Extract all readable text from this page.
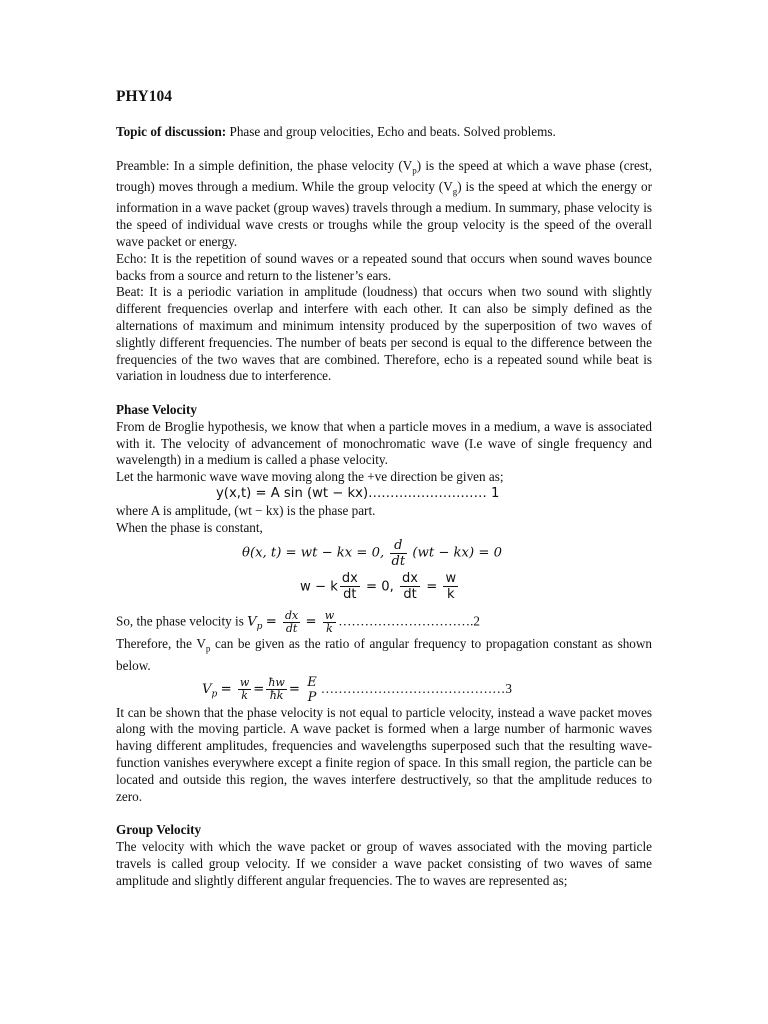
PHY104

Topic of discussion: Phase and group velocities, Echo and beats. Solved problems.

Preamble: In a simple definition, the phase velocity $(V_p)$ is the speed at which a wave phase (crest, trough) moves through a medium. While the group velocity $(V_g)$ is the speed at which the energy or information in a wave packet (group waves) travels through a medium. In summary, phase velocity is the speed of individual wave crests or troughs while the group velocity is the speed of the overall wave packet or energy.

Echo: It is the repetition of sound waves or a repeated sound that occurs when sound waves bounce backs from a source and return to the listener’s ears.

Beat: It is a periodic variation in amplitude (loudness) that occurs when two sound with slightly different frequencies overlap and interfere with each other. It can also be simply defined as the alternations of maximum and minimum intensity produced by the superposition of two waves of slightly different frequencies. The number of beats per second is equal to the difference between the frequencies of the two waves that are combined. Therefore, echo is a repeated sound while beat is variation in loudness due to interference.

Phase Velocity

From de Broglie hypothesis, we know that when a particle moves in a medium, a wave is associated with it. The velocity of advancement of monochromatic wave (I.e wave of single frequency and wavelength) in a medium is called a phase velocity.

Let the harmonic wave wave moving along the +ve direction be given as;

y(x,t) = A sin (wt − kx)……………………… 1

where A is amplitude, (wt − kx) is the phase part.

When the phase is constant,

θ(x, t) = wt − kx = 0, $\frac{d}{dt} (wt - kx) = 0$
w − k $\frac{dx}{dt} = 0$, $\frac{dx}{dt} = \frac{w}{k}$
So, the phase velocity is $V_p = \frac{dx}{dt} = \frac{w}{k}$ ………………………….2

Therefore, the $V_p$ can be given as the ratio of angular frequency to propagation constant as shown below.

$V_p = \frac{w}{k} = \frac{ħw}{ħk} = E$
P
……………………………………3

It can be shown that the phase velocity is not equal to particle velocity, instead a wave packet moves along with the moving particle. A wave packet is formed when a large number of harmonic waves having different amplitudes, frequencies and wavelengths superposed such that the resulting wave-function vanishes everywhere except a finite region of space. In this small region, the particle can be located and outside this region, the waves interfere destructively, so that the amplitude reduces to zero.

Group Velocity

The velocity with which the wave packet or group of waves associated with the moving particle travels is called group velocity. If we consider a wave packet consisting of two waves of same amplitude and slightly different angular frequencies. The to waves are represented as;
